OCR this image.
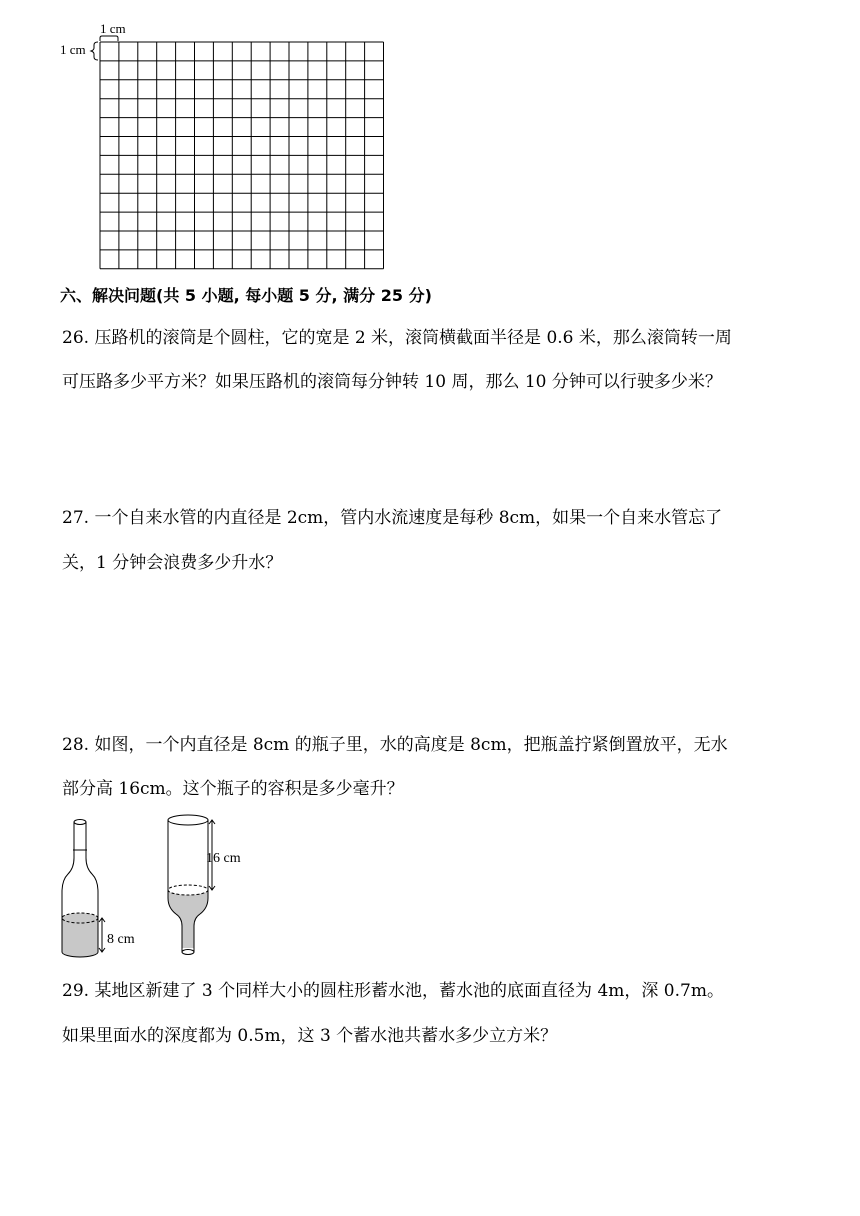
1 cm
1 cm
六、解决问题(共 5 小题, 每小题 5 分, 满分 25 分)
26. 压路机的滚筒是个圆柱，它的宽是 2 米，滚筒横截面半径是 0.6 米，那么滚筒转一周
可压路多少平方米？如果压路机的滚筒每分钟转 10 周，那么 10 分钟可以行驶多少米？
27. 一个自来水管的内直径是 2cm，管内水流速度是每秒 8cm，如果一个自来水管忘了
关，1 分钟会浪费多少升水？
28. 如图，一个内直径是 8cm 的瓶子里，水的高度是 8cm，把瓶盖拧紧倒置放平，无水
部分高 16cm。这个瓶子的容积是多少毫升？
8 cm
16 cm
29. 某地区新建了 3 个同样大小的圆柱形蓄水池，蓄水池的底面直径为 4m，深 0.7m。
如果里面水的深度都为 0.5m，这 3 个蓄水池共蓄水多少立方米？
